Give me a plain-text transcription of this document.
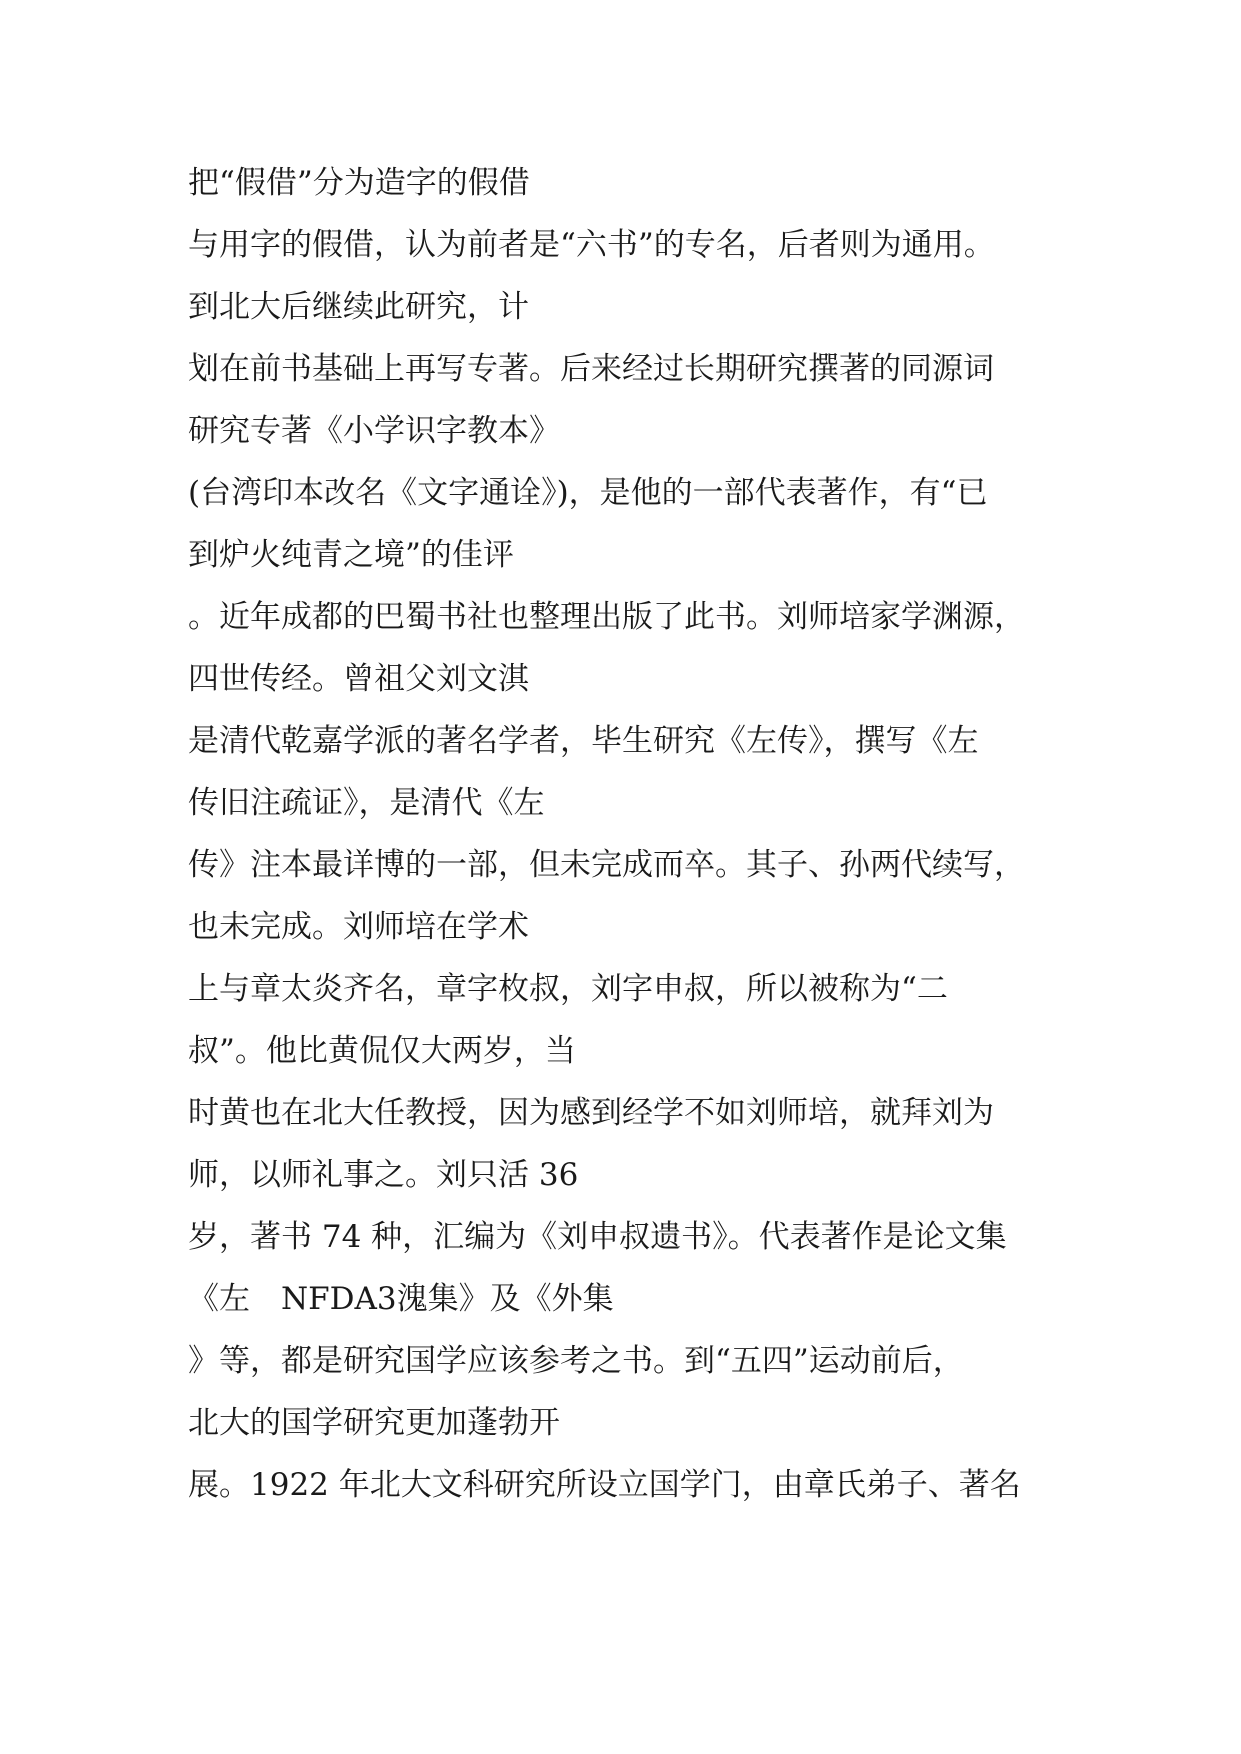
把“假借”分为造字的假借
与用字的假借，认为前者是“六书”的专名，后者则为通用。
到北大后继续此研究，计
划在前书基础上再写专著。后来经过长期研究撰著的同源词
研究专著《小学识字教本》
(台湾印本改名《文字通诠》)，是他的一部代表著作，有“已
到炉火纯青之境”的佳评
。近年成都的巴蜀书社也整理出版了此书。刘师培家学渊源，
四世传经。曾祖父刘文淇
是清代乾嘉学派的著名学者，毕生研究《左传》，撰写《左
传旧注疏证》，是清代《左
传》注本最详博的一部，但未完成而卒。其子、孙两代续写，
也未完成。刘师培在学术
上与章太炎齐名，章字枚叔，刘字申叔，所以被称为“二
叔”。他比黄侃仅大两岁，当
时黄也在北大任教授，因为感到经学不如刘师培，就拜刘为
师，以师礼事之。刘只活 36
岁，著书 74 种，汇编为《刘申叔遗书》。代表著作是论文集
《左　NFDA3溾集》及《外集
》等，都是研究国学应该参考之书。到“五四”运动前后，
北大的国学研究更加蓬勃开
展。1922 年北大文科研究所设立国学门，由章氏弟子、著名
